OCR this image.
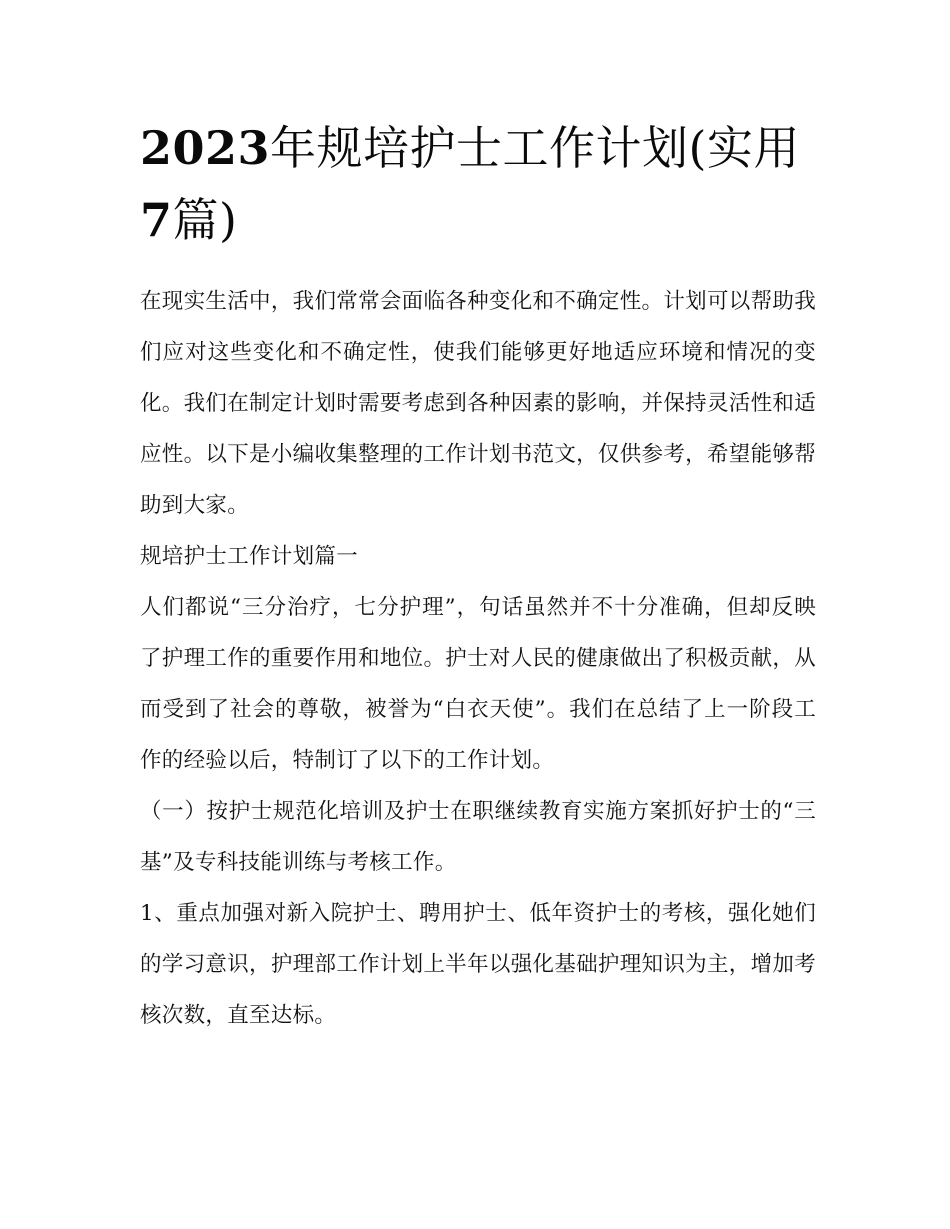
2023年规培护士工作计划(实用7篇)

在现实生活中，我们常常会面临各种变化和不确定性。计划可以帮助我们应对这些变化和不确定性，使我们能够更好地适应环境和情况的变化。我们在制定计划时需要考虑到各种因素的影响，并保持灵活性和适应性。以下是小编收集整理的工作计划书范文，仅供参考，希望能够帮助到大家。

规培护士工作计划篇一

人们都说“三分治疗，七分护理”，句话虽然并不十分准确，但却反映了护理工作的重要作用和地位。护士对人民的健康做出了积极贡献，从而受到了社会的尊敬，被誉为“白衣天使”。我们在总结了上一阶段工作的经验以后，特制订了以下的工作计划。

（一）按护士规范化培训及护士在职继续教育实施方案抓好护士的“三基”及专科技能训练与考核工作。

1、重点加强对新入院护士、聘用护士、低年资护士的考核，强化她们的学习意识，护理部工作计划上半年以强化基础护理知识为主，增加考核次数，直至达标。
